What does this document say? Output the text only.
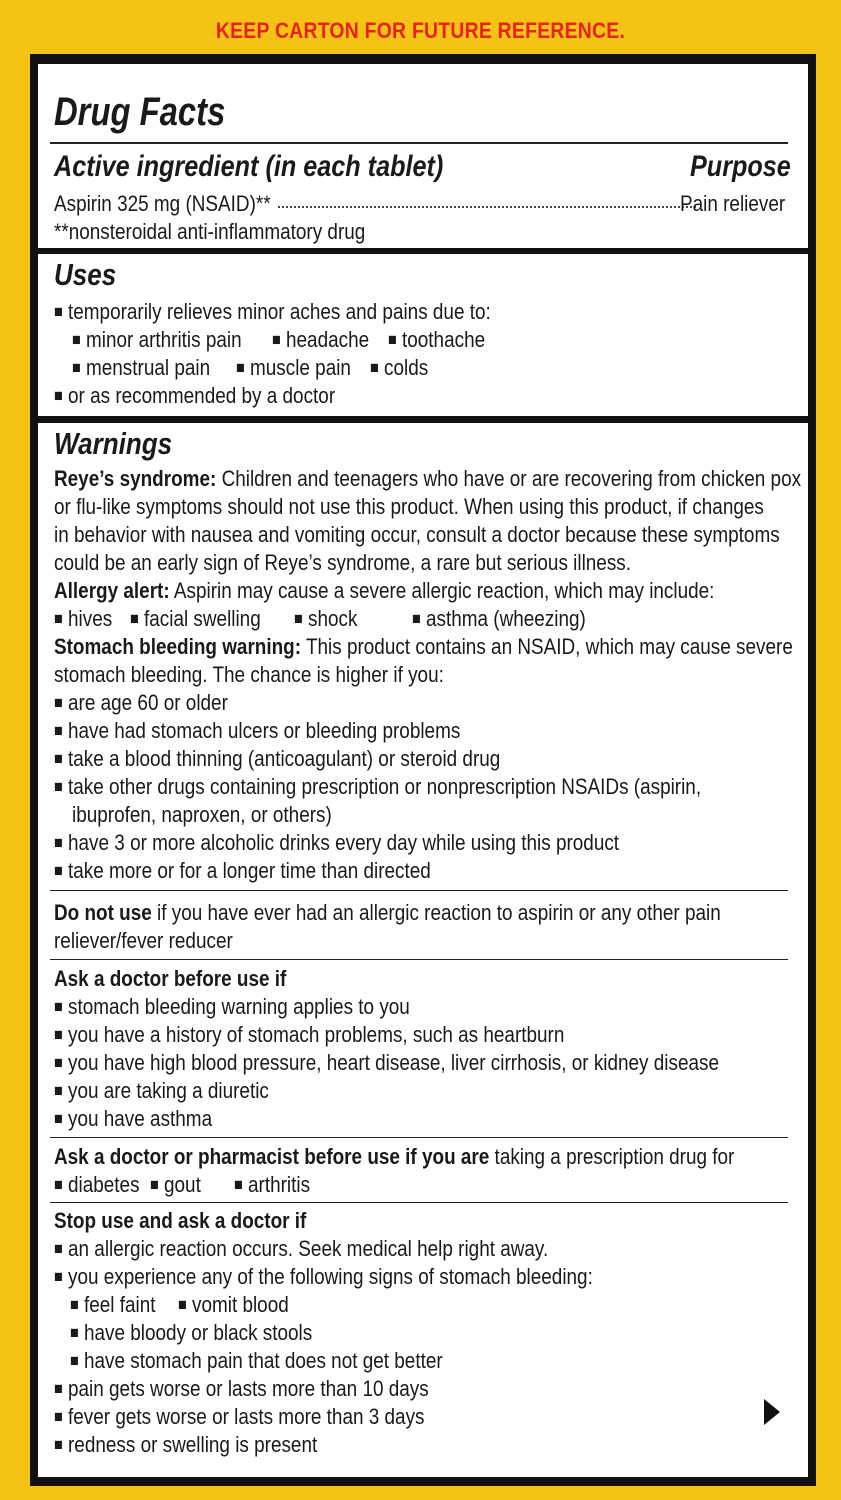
KEEP CARTON FOR FUTURE REFERENCE.
Drug Facts
Active ingredient (in each tablet)	Purpose
Aspirin 325 mg (NSAID)**	Pain reliever
**nonsteroidal anti-inflammatory drug
Uses
■ temporarily relieves minor aches and pains due to:
■ minor arthritis pain	■ headache	■ toothache
■ menstrual pain	■ muscle pain	■ colds
■ or as recommended by a doctor
Warnings
Reye’s syndrome: Children and teenagers who have or are recovering from chicken pox
or flu-like symptoms should not use this product. When using this product, if changes
in behavior with nausea and vomiting occur, consult a doctor because these symptoms
could be an early sign of Reye’s syndrome, a rare but serious illness.
Allergy alert: Aspirin may cause a severe allergic reaction, which may include:
■ hives	■ facial swelling	■ shock	■ asthma (wheezing)
Stomach bleeding warning: This product contains an NSAID, which may cause severe
stomach bleeding. The chance is higher if you:
■ are age 60 or older
■ have had stomach ulcers or bleeding problems
■ take a blood thinning (anticoagulant) or steroid drug
■ take other drugs containing prescription or nonprescription NSAIDs (aspirin,
ibuprofen, naproxen, or others)
■ have 3 or more alcoholic drinks every day while using this product
■ take more or for a longer time than directed
Do not use if you have ever had an allergic reaction to aspirin or any other pain
reliever/fever reducer
Ask a doctor before use if
■ stomach bleeding warning applies to you
■ you have a history of stomach problems, such as heartburn
■ you have high blood pressure, heart disease, liver cirrhosis, or kidney disease
■ you are taking a diuretic
■ you have asthma
Ask a doctor or pharmacist before use if you are taking a prescription drug for
■ diabetes	■ gout	■ arthritis
Stop use and ask a doctor if
■ an allergic reaction occurs. Seek medical help right away.
■ you experience any of the following signs of stomach bleeding:
■ feel faint	■ vomit blood
■ have bloody or black stools
■ have stomach pain that does not get better
■ pain gets worse or lasts more than 10 days
■ fever gets worse or lasts more than 3 days
■ redness or swelling is present
